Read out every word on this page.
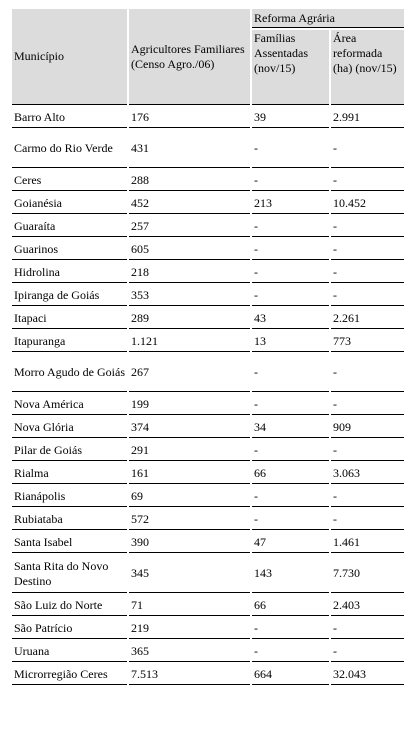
Município	Agricultores Familiares (Censo Agro./06)	Reforma Agrária	
		Famílias Assentadas (nov/15)	Área reformada (ha) (nov/15)
Barro Alto	176	39	2.991
Carmo do Rio Verde	431	-	-
Ceres	288	-	-
Goianésia	452	213	10.452
Guaraíta	257	-	-
Guarinos	605	-	-
Hidrolina	218	-	-
Ipiranga de Goiás	353	-	-
Itapaci	289	43	2.261
Itapuranga	1.121	13	773
Morro Agudo de Goiás	267	-	-
Nova América	199	-	-
Nova Glória	374	34	909
Pilar de Goiás	291	-	-
Rialma	161	66	3.063
Rianápolis	69	-	-
Rubiataba	572	-	-
Santa Isabel	390	47	1.461
Santa Rita do Novo Destino	345	143	7.730
São Luiz do Norte	71	66	2.403
São Patrício	219	-	-
Uruana	365	-	-
Microrregião Ceres	7.513	664	32.043
